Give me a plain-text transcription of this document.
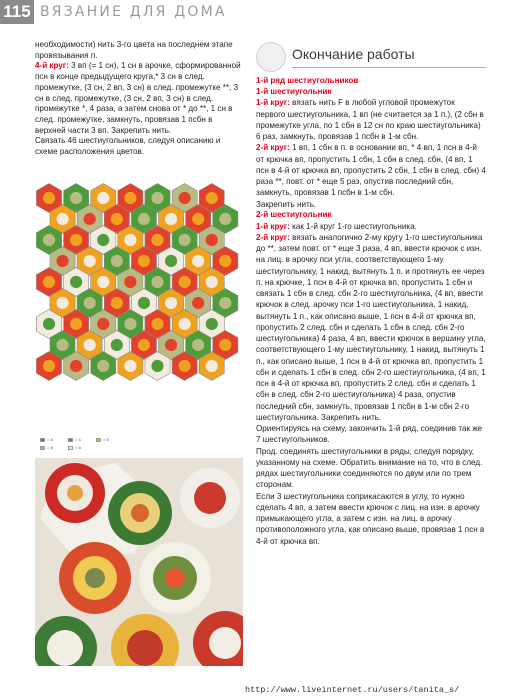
115 ВЯЗАНИЕ ДЛЯ ДОМА

необходимости) нить 3-го цвета на последнем этапе провязывания п.

4-й круг: 3 вп (= 1 сн), 1 сн в арочке, сформированной псн в конце предыдущего круга,* 3 сн в след. промежутке, (3 сн, 2 вп, 3 сн) в след. промежутке **, 3 сн в след. промежутке, (3 сн, 2 вп, 3 сн) в след.
промежутке *, 4 раза, а затем снова от * до **, 1 сн в след. промежутке, замкнуть, провязав 1 псбн в верхней части 3 вп. Закрепить нить.

Связать 46 шестиугольников, следуя описанию и схеме расположения цветов.

= A	= C	= E= B	= D
Окончание работы

1-й ряд шестиугольников

1-й шестиугольник

1-й круг: вязать нить F в любой угловой промежуток первого шестиугольника, 1 вп (не считается за 1 п.), (2 сбн в промежутке угла, по 1 сбн в 12 сн по краю шестиугольника) 6 раз, замкнуть, провязав 1 псбн в 1-м сбн.

2-й круг: 1 вп, 1 сбн в п. в основании вп, * 4 вп, 1 псн в 4-й от крючка вп, пропустить 1 сбн, 1 сбн в след. сбн, (4 вп, 1 псн в 4-й от крючка вп, пропустить 2 сбн, 1 сбн в след. сбн) 4 раза **, повт. от * еще 5 раз, опустив последний сбн, замкнуть, провязав 1 псбн в 1-м сбн.
Закрепить нить.

2-й шестиугольник

1-й круг: как 1-й круг 1-го шестиугольника.

2-й круг: вязать аналогично 2-му кругу 1-го шестиугольника до **, затем повт. от * еще 3 раза, 4 вп, ввести крючок с изн. на лиц. в арочку пси угла, соответствующего 1-му шестиугольнику, 1 накид, вытянуть 1 п. и протянуть ее через п. на крючке, 1 псн в 4-й от крючка вп, пропустить 1 сбн и связать 1 сбн в след. сбн 2-го шестиугольника, (4 вп, ввести крючок в след. арочку пси 1-го шестиугольника, 1 накид, вытянуть 1 п., как описано выше, 1 псн в 4-й от крючка вп, пропустить 2 след. сбн и сделать 1 сбн в след. сбн 2-го шестиугольника) 4 раза, 4 вп, ввести крючок в вершину угла, соответствующего 1-му шестиугольнику, 1 накид, вытянуть 1 п., как описано выше, 1 псн в 4-й от крючка вп, пропустить 1 сбн и сделать 1 сбн в след. сбн 2-го шестиугольника, (4 вп, 1 псн в 4-й от крючка вп, пропустить 2 след. сбн и сделать 1 сбн в след. сбн 2-го шестиугольника) 4 раза, опустив последний сбн, замкнуть, провязав 1 псбн в 1-м сбн 2-го шестиугольника. Закрепить нить.
Ориентируясь на схему, закончить 1-й ряд, соединив так же 7 шестиугольников.
Прод. соединять шестиугольники в ряды, следуя порядку, указанному на схеме. Обратить внимание на то, что в след. рядах шестиугольники соединяются по двум или по трем сторонам.
Если 3 шестиугольника соприкасаются в углу, то нужно сделать 4 вп, а затем ввести крючок с лиц. на изн. в арочку примыкающего угла, а затем с изн. на лиц. в арочку противоположного угла, как описано выше, провязав 1 псн в 4-й от крючка вп.

http://www.liveinternet.ru/users/tanita_s/
